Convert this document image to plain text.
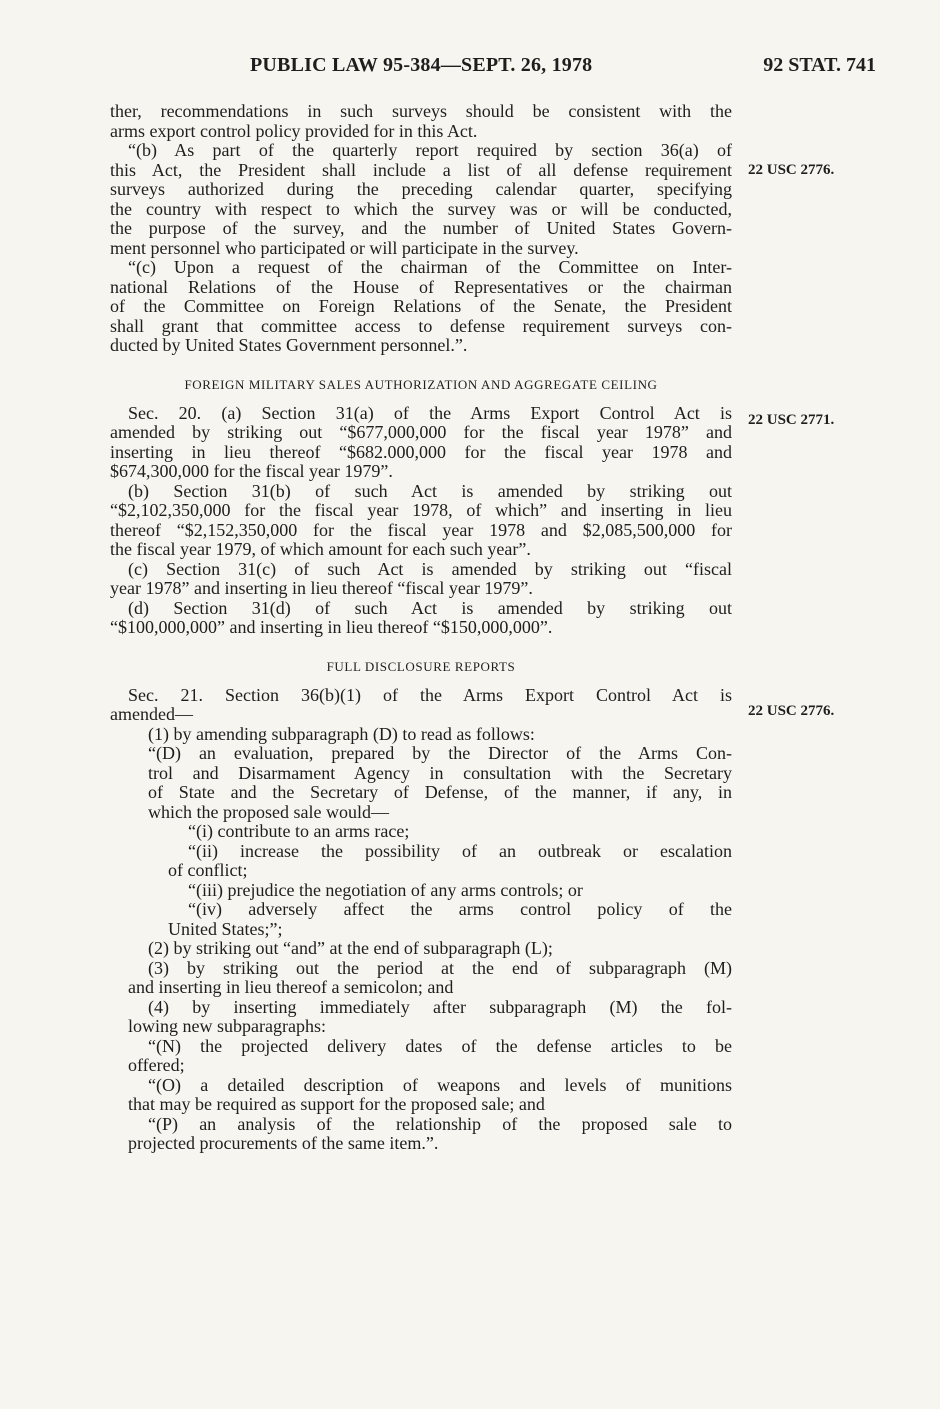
PUBLIC LAW 95-384—SEPT. 26, 1978	92 STAT. 741
22 USC 2776.
22 USC 2771.
22 USC 2776.
ther, recommendations in such surveys should be consistent with the
arms export control policy provided for in this Act.
“(b) As part of the quarterly report required by section 36(a) of
this Act, the President shall include a list of all defense requirement
surveys authorized during the preceding calendar quarter, specifying
the country with respect to which the survey was or will be conducted,
the purpose of the survey, and the number of United States Govern-
ment personnel who participated or will participate in the survey.
“(c) Upon a request of the chairman of the Committee on Inter-
national Relations of the House of Representatives or the chairman
of the Committee on Foreign Relations of the Senate, the President
shall grant that committee access to defense requirement surveys con-
ducted by United States Government personnel.”.
FOREIGN MILITARY SALES AUTHORIZATION AND AGGREGATE CEILING
Sec. 20. (a) Section 31(a) of the Arms Export Control Act is
amended by striking out “$677,000,000 for the fiscal year 1978” and
inserting in lieu thereof “$682.000,000 for the fiscal year 1978 and
$674,300,000 for the fiscal year 1979”.
(b) Section 31(b) of such Act is amended by striking out
“$2,102,350,000 for the fiscal year 1978, of which” and inserting in lieu
thereof “$2,152,350,000 for the fiscal year 1978 and $2,085,500,000 for
the fiscal year 1979, of which amount for each such year”.
(c) Section 31(c) of such Act is amended by striking out “fiscal
year 1978” and inserting in lieu thereof “fiscal year 1979”.
(d) Section 31(d) of such Act is amended by striking out
“$100,000,000” and inserting in lieu thereof “$150,000,000”.
FULL DISCLOSURE REPORTS
Sec. 21. Section 36(b)(1) of the Arms Export Control Act is
amended—
(1) by amending subparagraph (D) to read as follows:
“(D) an evaluation, prepared by the Director of the Arms Con-
trol and Disarmament Agency in consultation with the Secretary
of State and the Secretary of Defense, of the manner, if any, in
which the proposed sale would—
“(i) contribute to an arms race;
“(ii) increase the possibility of an outbreak or escalation
of conflict;
“(iii) prejudice the negotiation of any arms controls; or
“(iv) adversely affect the arms control policy of the
United States;”;
(2) by striking out “and” at the end of subparagraph (L);
(3) by striking out the period at the end of subparagraph (M)
and inserting in lieu thereof a semicolon; and
(4) by inserting immediately after subparagraph (M) the fol-
lowing new subparagraphs:
“(N) the projected delivery dates of the defense articles to be
offered;
“(O) a detailed description of weapons and levels of munitions
that may be required as support for the proposed sale; and
“(P) an analysis of the relationship of the proposed sale to
projected procurements of the same item.”.
